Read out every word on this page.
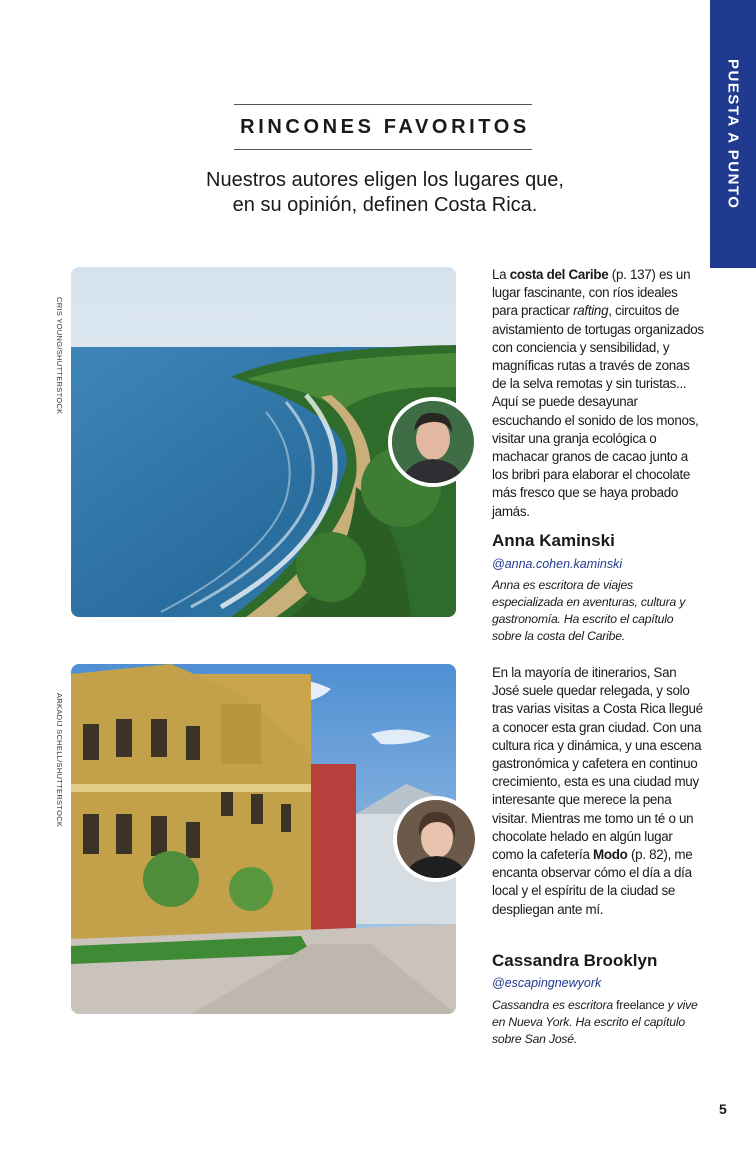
PUESTA A PUNTO
RINCONES FAVORITOS
Nuestros autores eligen los lugares que,
en su opinión, definen Costa Rica.
CRIS YOUNG/SHUTTERSTOCK

La costa del Caribe (p. 137) es un lugar fascinante, con ríos ideales para practicar rafting, circuitos de avistamiento de tortugas organizados con conciencia y sensibilidad, y magníficas rutas a través de zonas de la selva remotas y sin turistas... Aquí se puede desayunar escuchando el sonido de los monos, visitar una granja ecológica o machacar granos de cacao junto a los bribri para elaborar el chocolate más fresco que se haya probado jamás.

Anna Kaminski
@anna.cohen.kaminski
Anna es escritora de viajes especializada en aventuras, cultura y gastronomía. Ha escrito el capítulo sobre la costa del Caribe.
ARKADIJ SCHELL/SHUTTERSTOCK

En la mayoría de itinerarios, San José suele quedar relegada, y solo tras varias visitas a Costa Rica llegué a conocer esta gran ciudad. Con una cultura rica y dinámica, y una escena gastronómica y cafetera en continuo crecimiento, esta es una ciudad muy interesante que merece la pena visitar. Mientras me tomo un té o un chocolate helado en algún lugar como la cafetería Modo (p. 82), me encanta observar cómo el día a día local y el espíritu de la ciudad se despliegan ante mí.

Cassandra Brooklyn
@escapingnewyork
Cassandra es escritora freelance y vive en Nueva York. Ha escrito el capítulo sobre San José.
5
